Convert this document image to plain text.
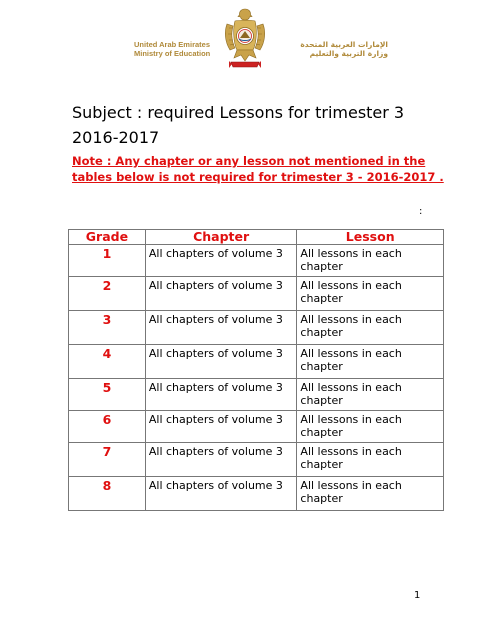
United Arab Emirates
Ministry of Education
الإمارات العربية المتحدة
وزارة التربية والتعليم
Subject : required Lessons for trimester 3
2016-2017
Note : Any chapter or any lesson not mentioned in the tables below is not required for trimester 3 - 2016-2017 .
:
Grade	Chapter	Lesson
1	All chapters of volume 3	All lessons in each chapter
2	All chapters of volume 3	All lessons in each chapter
3	All chapters of volume 3	All lessons in each chapter
4	All chapters of volume 3	All lessons in each chapter
5	All chapters of volume 3	All lessons in each chapter
6	All chapters of volume 3	All lessons in each chapter
7	All chapters of volume 3	All lessons in each chapter
8	All chapters of volume 3	All lessons in each chapter
1
